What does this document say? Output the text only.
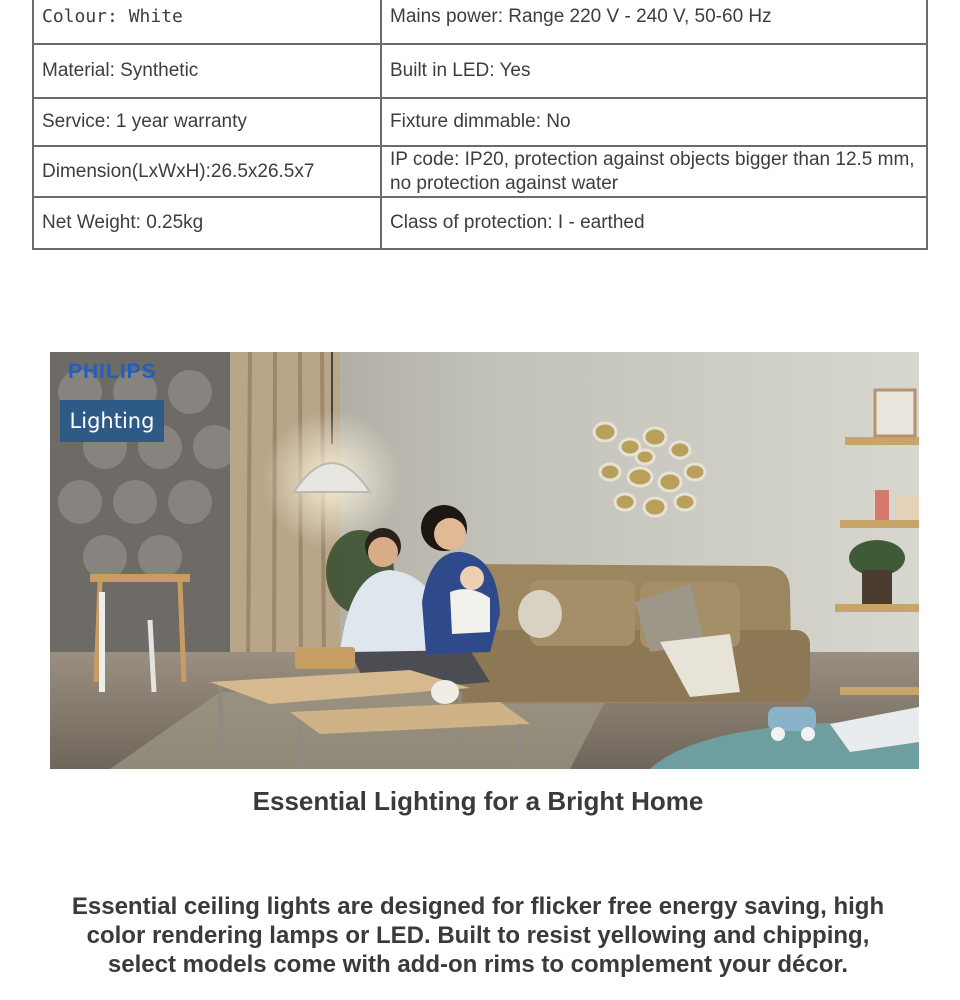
Colour: White	Mains power: Range 220 V - 240 V, 50-60 Hz
Material: Synthetic	Built in LED: Yes
Service: 1 year warranty	Fixture dimmable: No
Dimension(LxWxH):26.5x26.5x7	IP code: IP20, protection against objects bigger than 12.5 mm, no protection against water
Net Weight: 0.25kg	Class of protection: I - earthed
PHILIPS
Lighting
Essential Lighting for a Bright Home

Essential ceiling lights are designed for flicker free energy saving, high color rendering lamps or LED. Built to resist yellowing and chipping, select models come with add-on rims to complement your décor.
